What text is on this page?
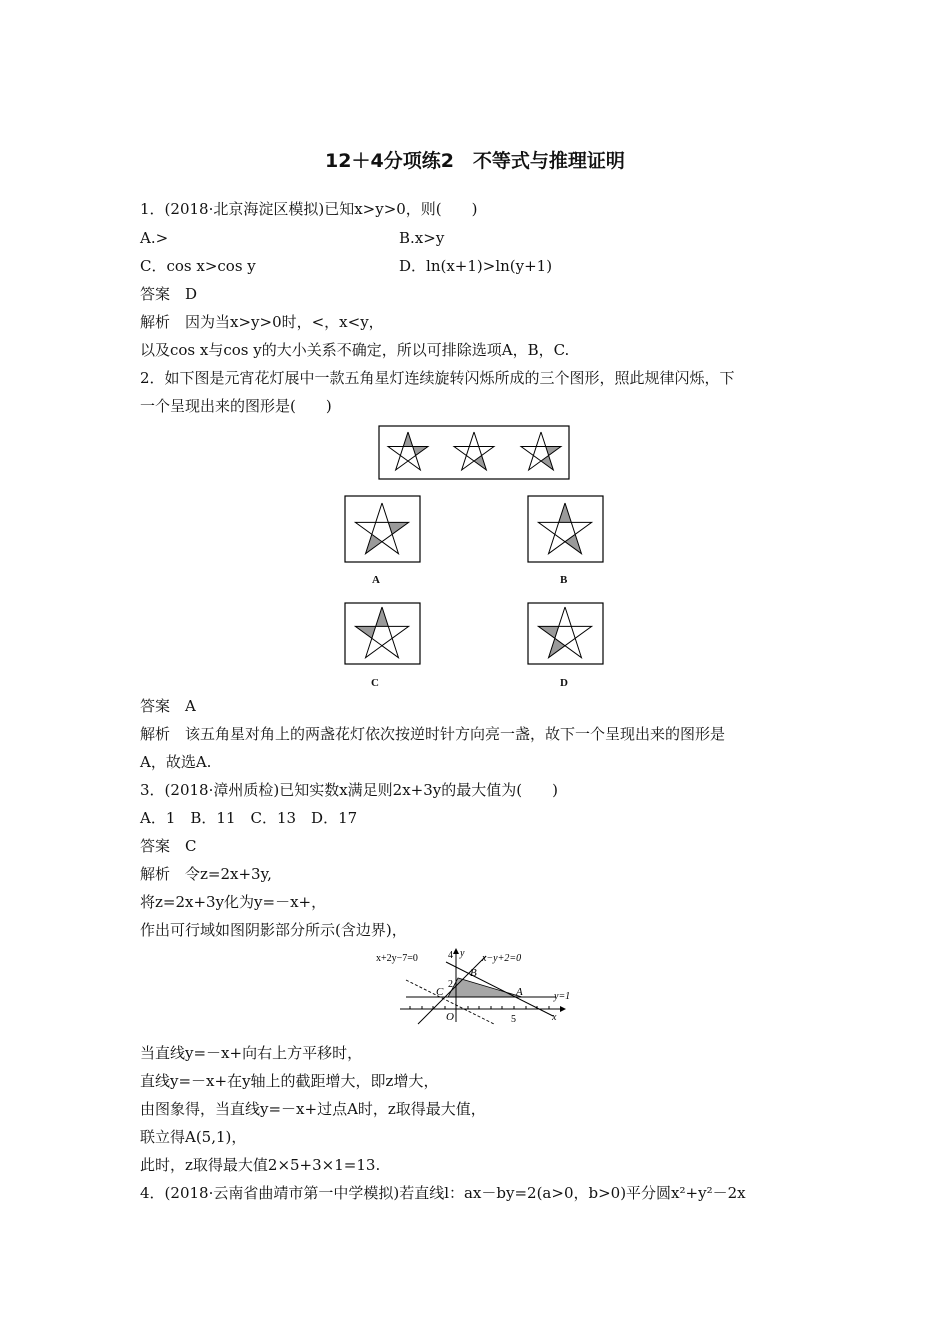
12＋4分项练2　不等式与推理证明
1．(2018·北京海淀区模拟)已知x>y>0，则(　　)
A.>	B.x>y
C．cos x>cos y	D．ln(x+1)>ln(y+1)
答案　D
解析　因为当x>y>0时，<，x<y，
以及cos x与cos y的大小关系不确定，所以可排除选项A，B，C.
2．如下图是元宵花灯展中一款五角星灯连续旋转闪烁所成的三个图形，照此规律闪烁，下
一个呈现出来的图形是(　　)
A	B
C	D
答案　A
解析　该五角星对角上的两盏花灯依次按逆时针方向亮一盏，故下一个呈现出来的图形是
A，故选A.
3．(2018·漳州质检)已知实数x满足则2x+3y的最大值为(　　)
A．1　B．11　C．13　D．17
答案　C
解析　令z=2x+3y,
将z=2x+3y化为y=－x+，
作出可行域如图阴影部分所示(含边界)，
x+2y−7=0	x−y+2=0
y=1
y
4
2
B
C	A
O	5	x
当直线y=－x+向右上方平移时，
直线y=－x+在y轴上的截距增大，即z增大，
由图象得，当直线y=－x+过点A时，z取得最大值，
联立得A(5,1)，
此时，z取得最大值2×5+3×1=13.
4．(2018·云南省曲靖市第一中学模拟)若直线l：ax－by=2(a>0，b>0)平分圆x²+y²－2x
